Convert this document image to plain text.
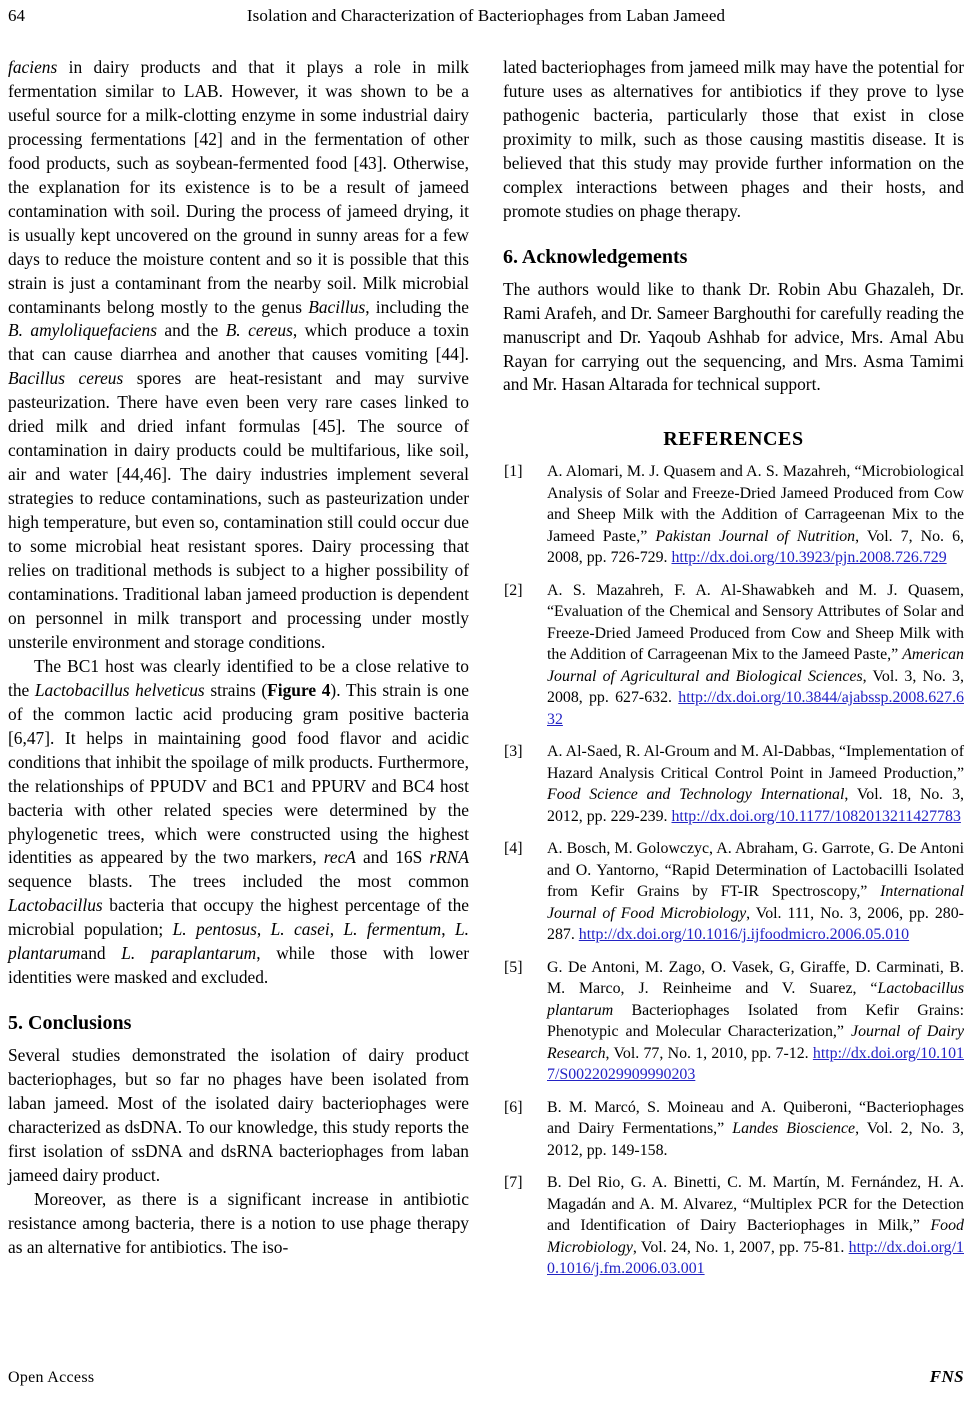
64	Isolation and Characterization of Bacteriophages from Laban Jameed

faciens in dairy products and that it plays a role in milk fermentation similar to LAB. However, it was shown to be a useful source for a milk-clotting enzyme in some industrial dairy processing fermentations [42] and in the fermentation of other food products, such as soybean-fermented food [43]. Otherwise, the explanation for its existence is to be a result of jameed contamination with soil. During the process of jameed drying, it is usually kept uncovered on the ground in sunny areas for a few days to reduce the moisture content and so it is possible that this strain is just a contaminant from the nearby soil. Milk microbial contaminants belong mostly to the genus Bacillus, including the B. amyloliquefaciens and the B. cereus, which produce a toxin that can cause diarrhea and another that causes vomiting [44]. Bacillus cereus spores are heat-resistant and may survive pasteurization. There have even been very rare cases linked to dried milk and dried infant formulas [45]. The source of contamination in dairy products could be multifarious, like soil, air and water [44,46]. The dairy industries implement several strategies to reduce contaminations, such as pasteurization under high temperature, but even so, contamination still could occur due to some microbial heat resistant spores. Dairy processing that relies on traditional methods is subject to a higher possibility of contaminations. Traditional laban jameed production is dependent on personnel in milk transport and processing under mostly unsterile environment and storage conditions.

The BC1 host was clearly identified to be a close relative to the Lactobacillus helveticus strains (Figure 4). This strain is one of the common lactic acid producing gram positive bacteria [6,47]. It helps in maintaining good food flavor and acidic conditions that inhibit the spoilage of milk products. Furthermore, the relationships of PPUDV and BC1 and PPURV and BC4 host bacteria with other related species were determined by the phylogenetic trees, which were constructed using the highest identities as appeared by the two markers, recA and 16S rRNA sequence blasts. The trees included the most common Lactobacillus bacteria that occupy the highest percentage of the microbial population; L. pentosus, L. casei, L. fermentum, L. plantarumand L. paraplantarum, while those with lower identities were masked and excluded.

5. Conclusions

Several studies demonstrated the isolation of dairy product bacteriophages, but so far no phages have been isolated from laban jameed. Most of the isolated dairy bacteriophages were characterized as dsDNA. To our knowledge, this study reports the first isolation of ssDNA and dsRNA bacteriophages from laban jameed dairy product.

Moreover, as there is a significant increase in antibiotic resistance among bacteria, there is a notion to use phage therapy as an alternative for antibiotics. The iso-

lated bacteriophages from jameed milk may have the potential for future uses as alternatives for antibiotics if they prove to lyse pathogenic bacteria, particularly those that exist in close proximity to milk, such as those causing mastitis disease. It is believed that this study may provide further information on the complex interactions between phages and their hosts, and promote studies on phage therapy.

6. Acknowledgements

The authors would like to thank Dr. Robin Abu Ghazaleh, Dr. Rami Arafeh, and Dr. Sameer Barghouthi for carefully reading the manuscript and Dr. Yaqoub Ashhab for advice, Mrs. Amal Abu Rayan for carrying out the sequencing, and Mrs. Asma Tamimi and Mr. Hasan Altarada for technical support.

REFERENCES
[1]	A. Alomari, M. J. Quasem and A. S. Mazahreh, “Microbiological Analysis of Solar and Freeze-Dried Jameed Produced from Cow and Sheep Milk with the Addition of Carrageenan Mix to the Jameed Paste,” Pakistan Journal of Nutrition, Vol. 7, No. 6, 2008, pp. 726-729. http://dx.doi.org/10.3923/pjn.2008.726.729
[2]	A. S. Mazahreh, F. A. Al-Shawabkeh and M. J. Quasem, “Evaluation of the Chemical and Sensory Attributes of Solar and Freeze-Dried Jameed Produced from Cow and Sheep Milk with the Addition of Carrageenan Mix to the Jameed Paste,” American Journal of Agricultural and Biological Sciences, Vol. 3, No. 3, 2008, pp. 627-632. http://dx.doi.org/10.3844/ajabssp.2008.627.632
[3]	A. Al-Saed, R. Al-Groum and M. Al-Dabbas, “Implementation of Hazard Analysis Critical Control Point in Jameed Production,” Food Science and Technology International, Vol. 18, No. 3, 2012, pp. 229-239. http://dx.doi.org/10.1177/1082013211427783
[4]	A. Bosch, M. Golowczyc, A. Abraham, G. Garrote, G. De Antoni and O. Yantorno, “Rapid Determination of Lactobacilli Isolated from Kefir Grains by FT-IR Spectroscopy,” International Journal of Food Microbiology, Vol. 111, No. 3, 2006, pp. 280-287. http://dx.doi.org/10.1016/j.ijfoodmicro.2006.05.010
[5]	G. De Antoni, M. Zago, O. Vasek, G, Giraffe, D. Carminati, B. M. Marco, J. Reinheime and V. Suarez, “Lactobacillus plantarum Bacteriophages Isolated from Kefir Grains: Phenotypic and Molecular Characterization,” Journal of Dairy Research, Vol. 77, No. 1, 2010, pp. 7-12. http://dx.doi.org/10.1017/S0022029909990203
[6]	B. M. Marcó, S. Moineau and A. Quiberoni, “Bacteriophages and Dairy Fermentations,” Landes Bioscience, Vol. 2, No. 3, 2012, pp. 149-158.
[7]	B. Del Rio, G. A. Binetti, C. M. Martín, M. Fernández, H. A. Magadán and A. M. Alvarez, “Multiplex PCR for the Detection and Identification of Dairy Bacteriophages in Milk,” Food Microbiology, Vol. 24, No. 1, 2007, pp. 75-81. http://dx.doi.org/10.1016/j.fm.2006.03.001
Open Access	FNS
